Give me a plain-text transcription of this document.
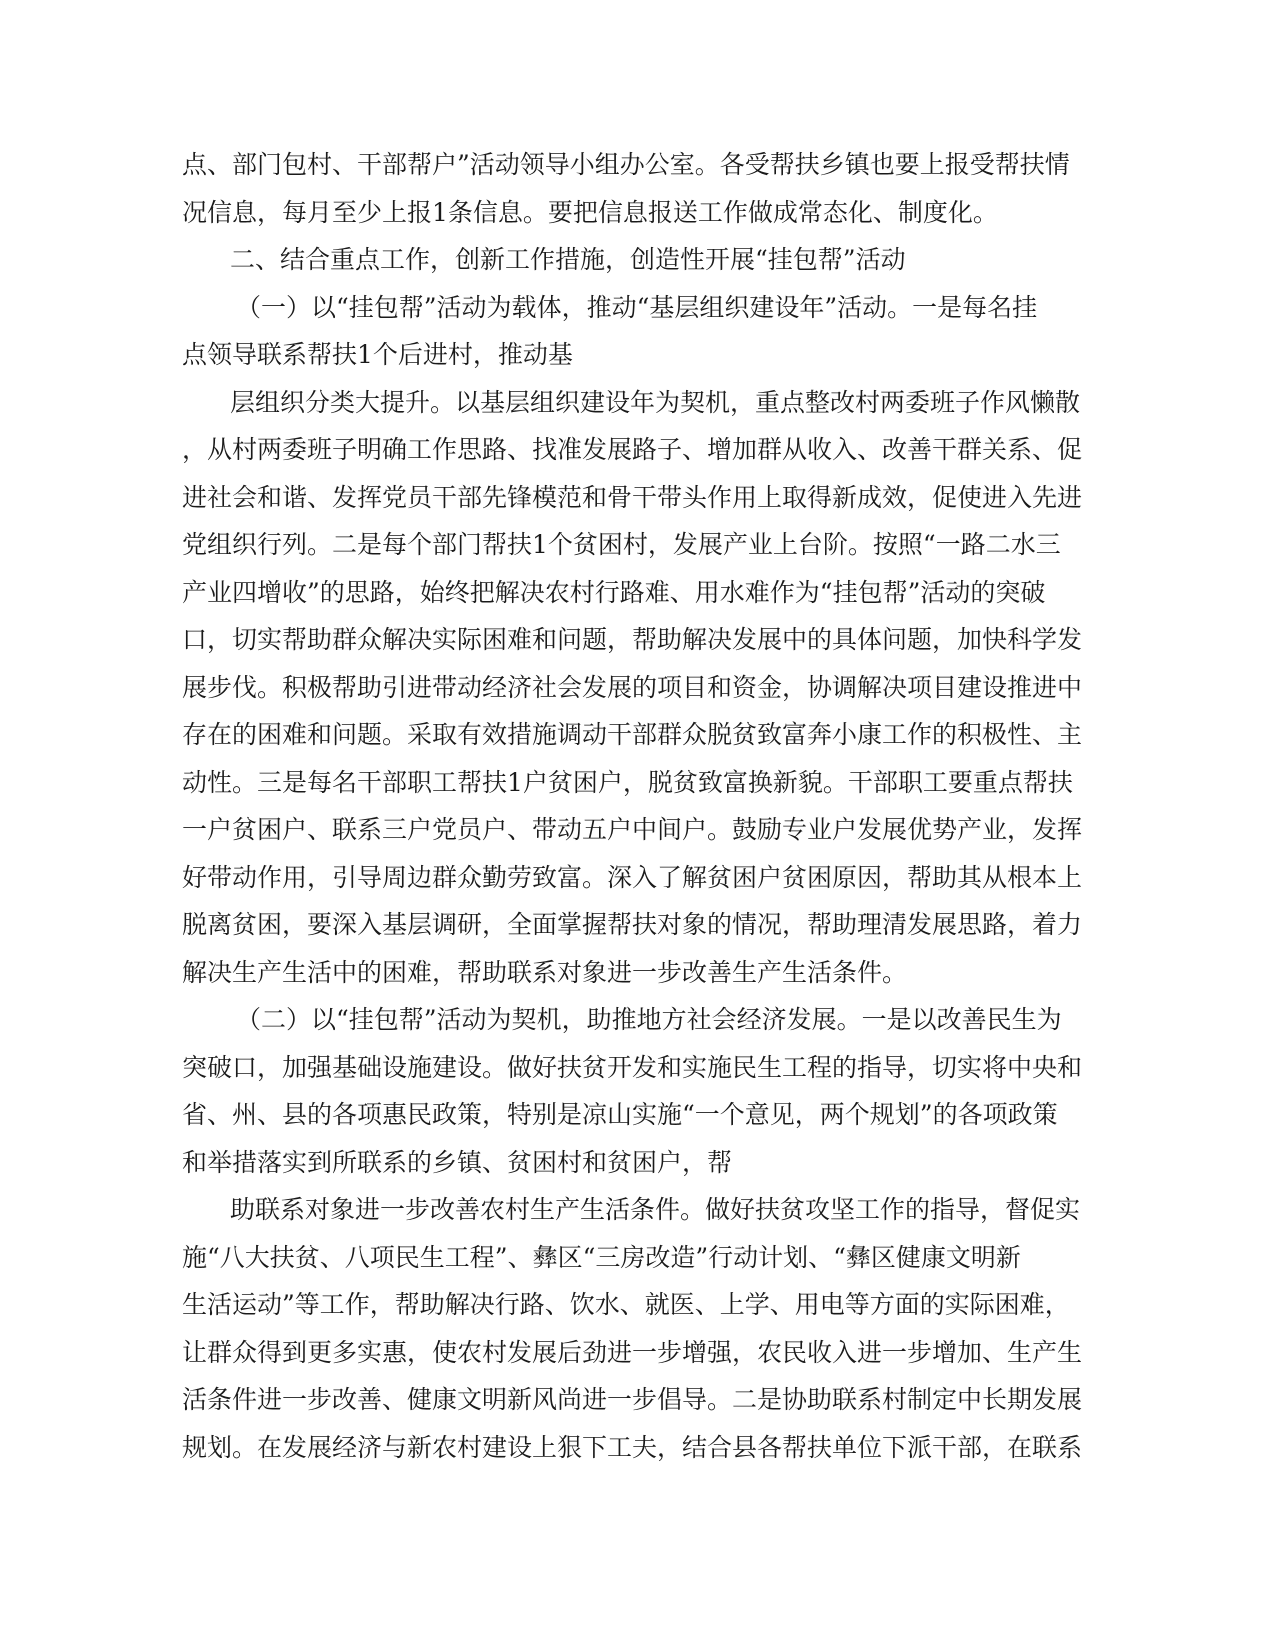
点、部门包村、干部帮户”活动领导小组办公室。各受帮扶乡镇也要上报受帮扶情
况信息，每月至少上报1条信息。要把信息报送工作做成常态化、制度化。
二、结合重点工作，创新工作措施，创造性开展“挂包帮”活动
（一）以“挂包帮”活动为载体，推动“基层组织建设年”活动。一是每名挂
点领导联系帮扶1个后进村，推动基
层组织分类大提升。以基层组织建设年为契机，重点整改村两委班子作风懒散
，从村两委班子明确工作思路、找准发展路子、增加群从收入、改善干群关系、促
进社会和谐、发挥党员干部先锋模范和骨干带头作用上取得新成效，促使进入先进
党组织行列。二是每个部门帮扶1个贫困村，发展产业上台阶。按照“一路二水三
产业四增收”的思路，始终把解决农村行路难、用水难作为“挂包帮”活动的突破
口，切实帮助群众解决实际困难和问题，帮助解决发展中的具体问题，加快科学发
展步伐。积极帮助引进带动经济社会发展的项目和资金，协调解决项目建设推进中
存在的困难和问题。采取有效措施调动干部群众脱贫致富奔小康工作的积极性、主
动性。三是每名干部职工帮扶1户贫困户，脱贫致富换新貌。干部职工要重点帮扶
一户贫困户、联系三户党员户、带动五户中间户。鼓励专业户发展优势产业，发挥
好带动作用，引导周边群众勤劳致富。深入了解贫困户贫困原因，帮助其从根本上
脱离贫困，要深入基层调研，全面掌握帮扶对象的情况，帮助理清发展思路，着力
解决生产生活中的困难，帮助联系对象进一步改善生产生活条件。
（二）以“挂包帮”活动为契机，助推地方社会经济发展。一是以改善民生为
突破口，加强基础设施建设。做好扶贫开发和实施民生工程的指导，切实将中央和
省、州、县的各项惠民政策，特别是凉山实施“一个意见，两个规划”的各项政策
和举措落实到所联系的乡镇、贫困村和贫困户，帮
助联系对象进一步改善农村生产生活条件。做好扶贫攻坚工作的指导，督促实
施“八大扶贫、八项民生工程”、彝区“三房改造”行动计划、“彝区健康文明新
生活运动”等工作，帮助解决行路、饮水、就医、上学、用电等方面的实际困难，
让群众得到更多实惠，使农村发展后劲进一步增强，农民收入进一步增加、生产生
活条件进一步改善、健康文明新风尚进一步倡导。二是协助联系村制定中长期发展
规划。在发展经济与新农村建设上狠下工夫，结合县各帮扶单位下派干部，在联系
